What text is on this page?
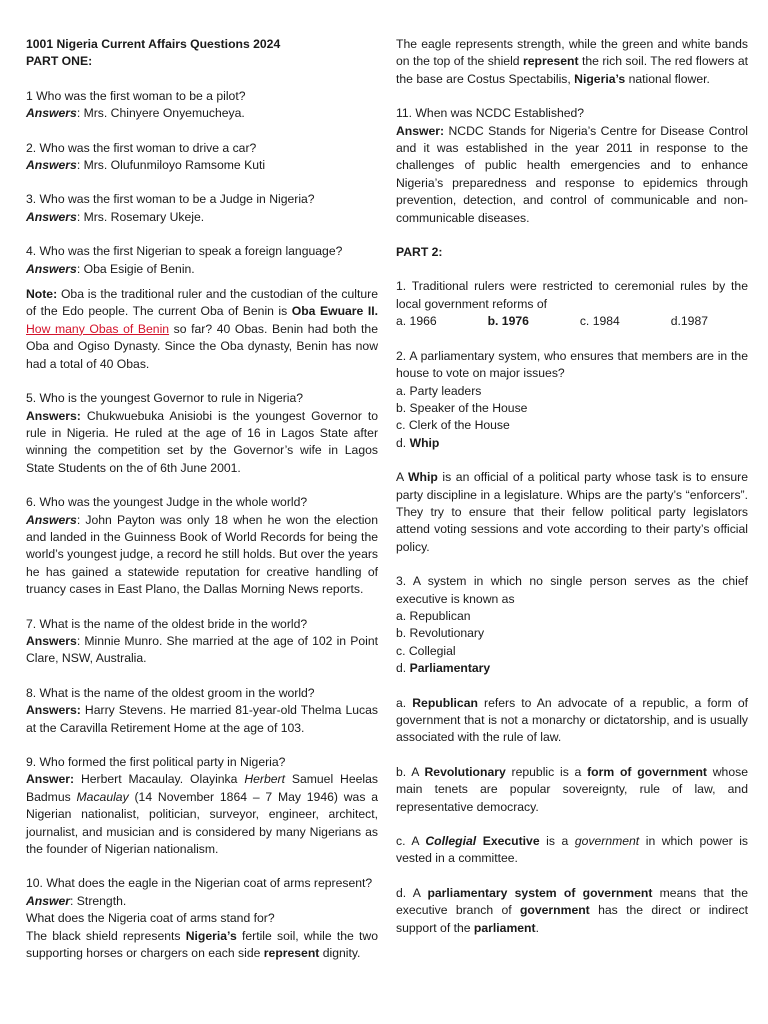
1001 Nigeria Current Affairs Questions 2024
PART ONE:
1 Who was the first woman to be a pilot?
Answers: Mrs. Chinyere Onyemucheya.
2. Who was the first woman to drive a car?
Answers: Mrs. Olufunmiloyo Ramsome Kuti
3. Who was the first woman to be a Judge in Nigeria?
Answers: Mrs. Rosemary Ukeje.
4. Who was the first Nigerian to speak a foreign language?
Answers: Oba Esigie of Benin.
Note: Oba is the traditional ruler and the custodian of the culture of the Edo people. The current Oba of Benin is Oba Ewuare II. How many Obas of Benin so far? 40 Obas. Benin had both the Oba and Ogiso Dynasty. Since the Oba dynasty, Benin has now had a total of 40 Obas.
5. Who is the youngest Governor to rule in Nigeria?
Answers: Chukwuebuka Anisiobi is the youngest Governor to rule in Nigeria. He ruled at the age of 16 in Lagos State after winning the competition set by the Governor’s wife in Lagos State Students on the of 6th June 2001.
6. Who was the youngest Judge in the whole world?
Answers: John Payton was only 18 when he won the election and landed in the Guinness Book of World Records for being the world’s youngest judge, a record he still holds. But over the years he has gained a statewide reputation for creative handling of truancy cases in East Plano, the Dallas Morning News reports.
7. What is the name of the oldest bride in the world?
Answers: Minnie Munro. She married at the age of 102 in Point Clare, NSW, Australia.
8. What is the name of the oldest groom in the world?
Answers: Harry Stevens. He married 81-year-old Thelma Lucas at the Caravilla Retirement Home at the age of 103.
9. Who formed the first political party in Nigeria?
Answer: Herbert Macaulay. Olayinka Herbert Samuel Heelas Badmus Macaulay (14 November 1864 – 7 May 1946) was a Nigerian nationalist, politician, surveyor, engineer, architect, journalist, and musician and is considered by many Nigerians as the founder of Nigerian nationalism.
10. What does the eagle in the Nigerian coat of arms represent?
Answer: Strength.
What does the Nigeria coat of arms stand for?
The black shield represents Nigeria’s fertile soil, while the two supporting horses or chargers on each side represent dignity.
The eagle represents strength, while the green and white bands on the top of the shield represent the rich soil. The red flowers at the base are Costus Spectabilis, Nigeria’s national flower.
11. When was NCDC Established?
Answer: NCDC Stands for Nigeria’s Centre for Disease Control and it was established in the year 2011 in response to the challenges of public health emergencies and to enhance Nigeria’s preparedness and response to epidemics through prevention, detection, and control of communicable and non-communicable diseases.
PART 2:
1. Traditional rulers were restricted to ceremonial rules by the local government reforms of
a. 1966	b. 1976	c. 1984	d.1987
2. A parliamentary system, who ensures that members are in the house to vote on major issues?
a. Party leaders
b. Speaker of the House
c. Clerk of the House
d. Whip
A Whip is an official of a political party whose task is to ensure party discipline in a legislature. Whips are the party’s “enforcers”. They try to ensure that their fellow political party legislators attend voting sessions and vote according to their party’s official policy.
3. A system in which no single person serves as the chief executive is known as
a. Republican
b. Revolutionary
c. Collegial
d. Parliamentary
a. Republican refers to An advocate of a republic, a form of government that is not a monarchy or dictatorship, and is usually associated with the rule of law.
b. A Revolutionary republic is a form of government whose main tenets are popular sovereignty, rule of law, and representative democracy.
c. A Collegial Executive is a government in which power is vested in a committee.
d. A parliamentary system of government means that the executive branch of government has the direct or indirect support of the parliament.
